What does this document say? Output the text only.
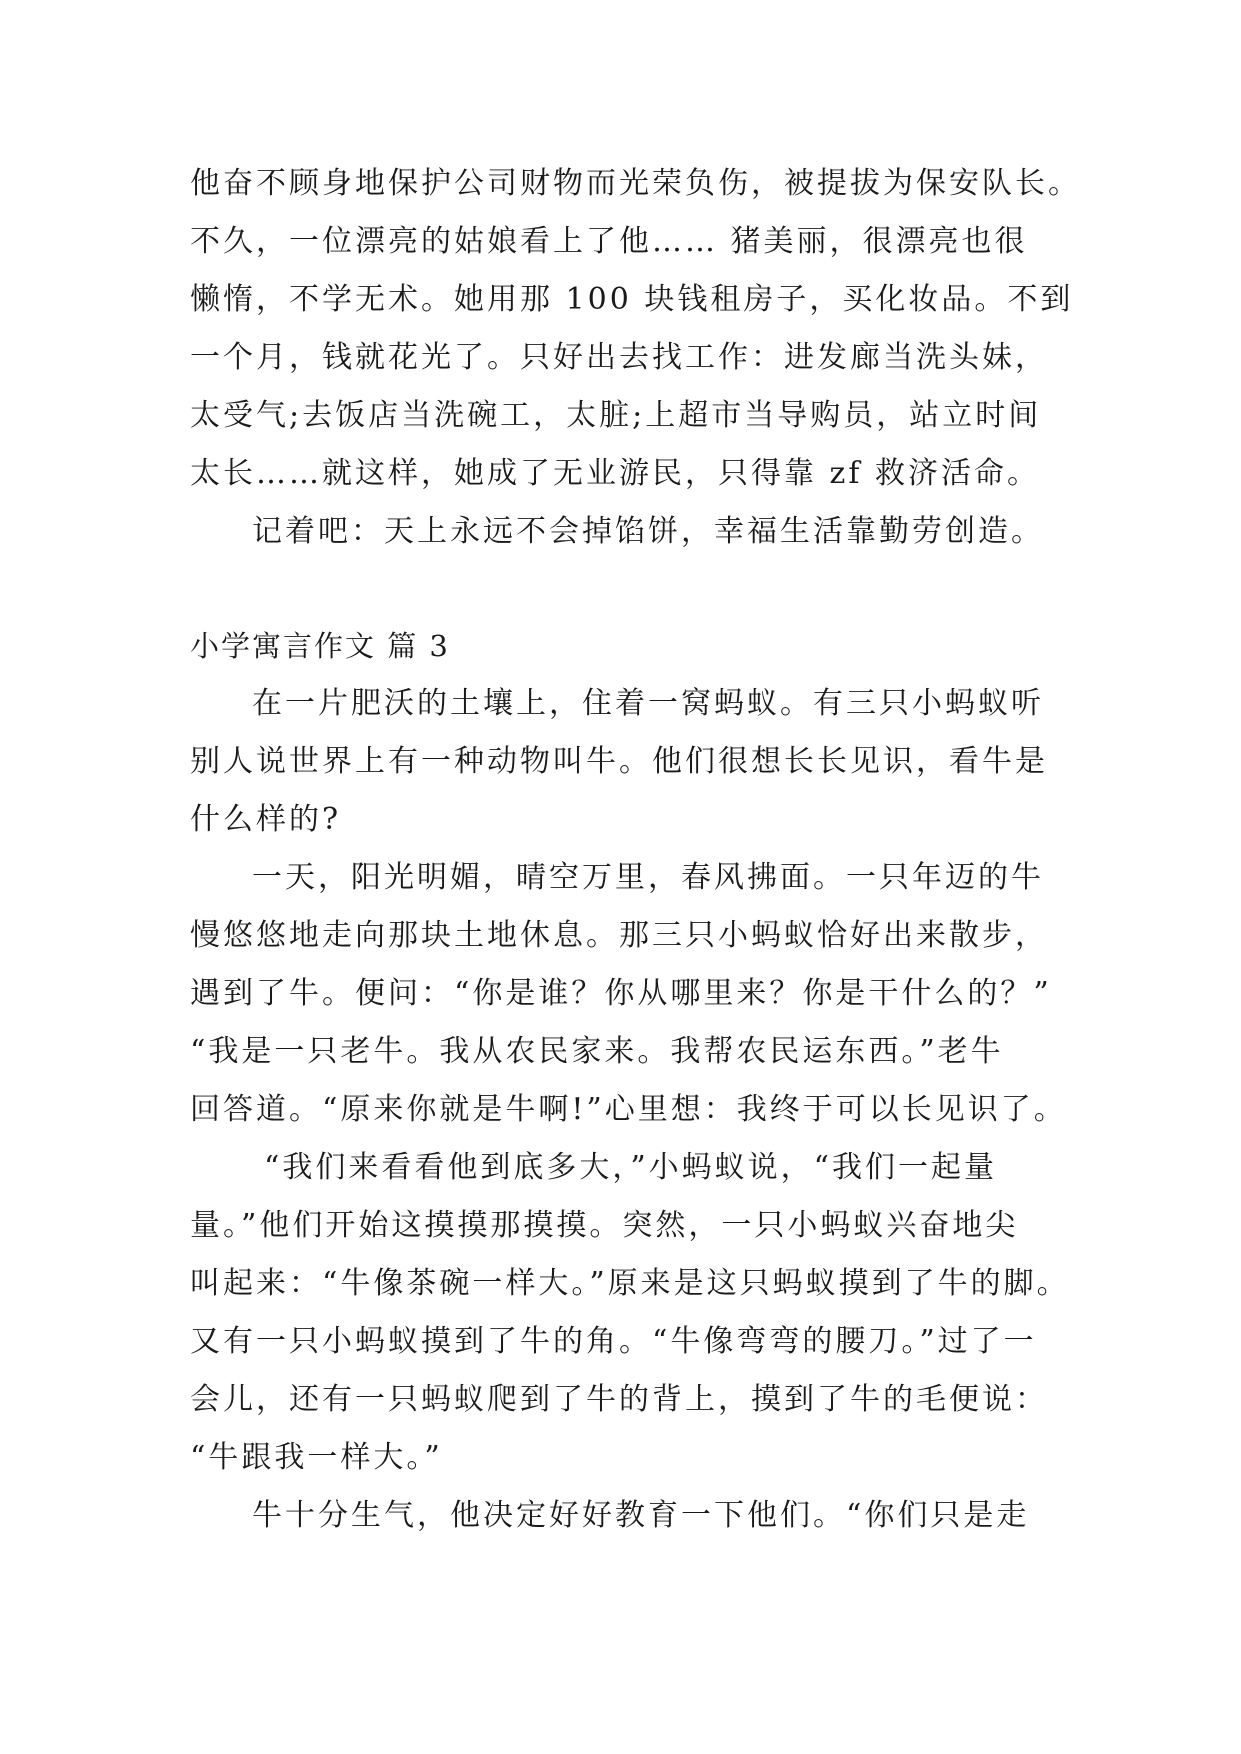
他奋不顾身地保护公司财物而光荣负伤，被提拔为保安队长。
不久，一位漂亮的姑娘看上了他…… 猪美丽，很漂亮也很
懒惰，不学无术。她用那 100 块钱租房子，买化妆品。不到
一个月，钱就花光了。只好出去找工作：进发廊当洗头妹，
太受气;去饭店当洗碗工，太脏;上超市当导购员，站立时间
太长……就这样，她成了无业游民，只得靠 zf 救济活命。
记着吧：天上永远不会掉馅饼，幸福生活靠勤劳创造。
小学寓言作文 篇 3
在一片肥沃的土壤上，住着一窝蚂蚁。有三只小蚂蚁听
别人说世界上有一种动物叫牛。他们很想长长见识，看牛是
什么样的?
一天，阳光明媚，晴空万里，春风拂面。一只年迈的牛
慢悠悠地走向那块土地休息。那三只小蚂蚁恰好出来散步，
遇到了牛。便问：“你是谁？你从哪里来？你是干什么的？”
“我是一只老牛。我从农民家来。我帮农民运东西。”老牛
回答道。“原来你就是牛啊!”心里想：我终于可以长见识了。
“我们来看看他到底多大，”小蚂蚁说，“我们一起量
量。”他们开始这摸摸那摸摸。突然，一只小蚂蚁兴奋地尖
叫起来：“牛像茶碗一样大。”原来是这只蚂蚁摸到了牛的脚。
又有一只小蚂蚁摸到了牛的角。“牛像弯弯的腰刀。”过了一
会儿，还有一只蚂蚁爬到了牛的背上，摸到了牛的毛便说：
“牛跟我一样大。”
牛十分生气，他决定好好教育一下他们。“你们只是走
